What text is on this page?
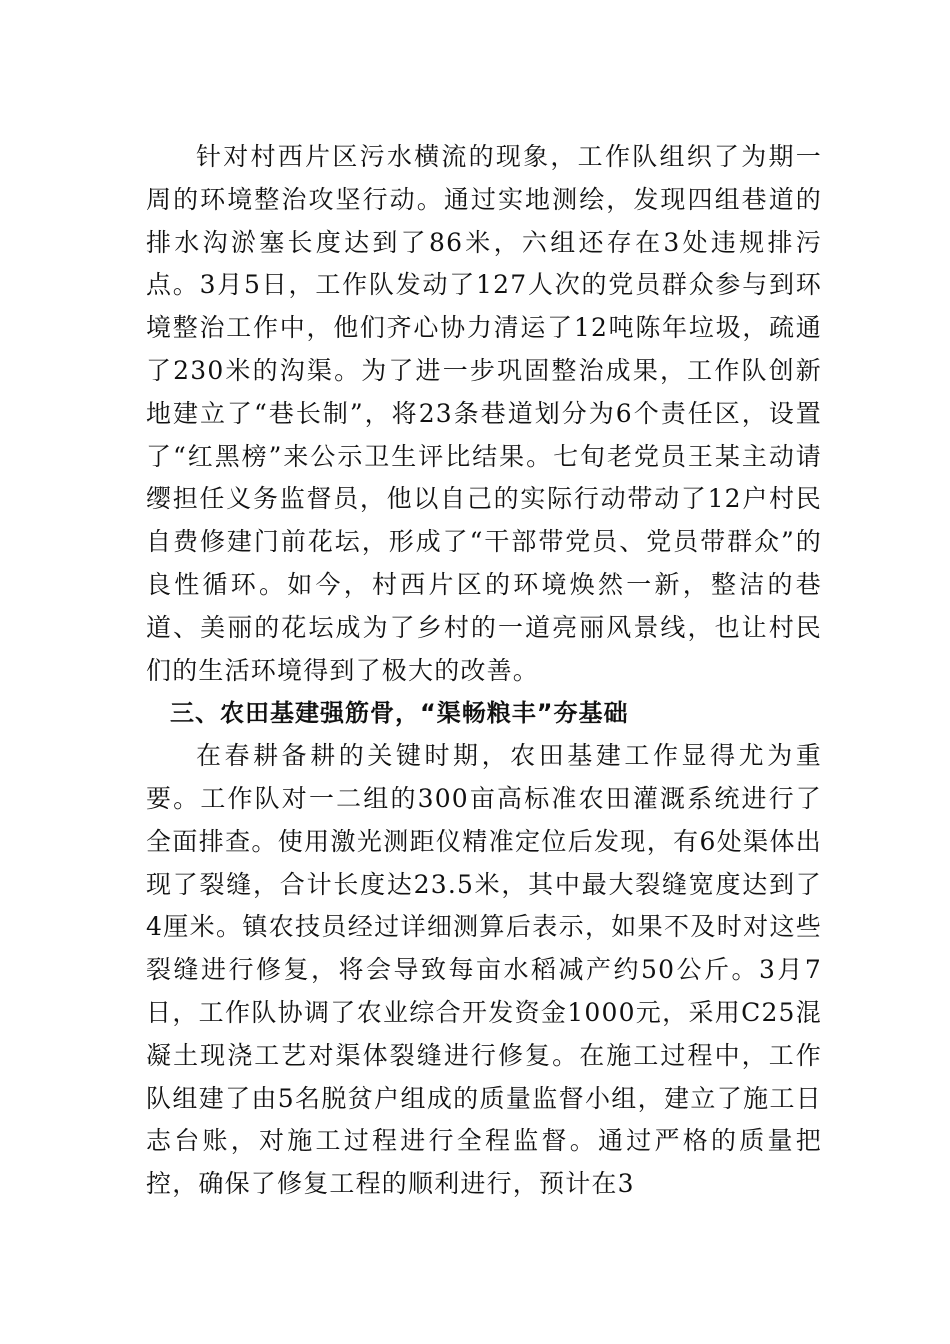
针对村西片区污水横流的现象，工作队组织了为期一周的环境整治攻坚行动。通过实地测绘，发现四组巷道的排水沟淤塞长度达到了86米，六组还存在3处违规排污点。3月5日，工作队发动了127人次的党员群众参与到环境整治工作中，他们齐心协力清运了12吨陈年垃圾，疏通了230米的沟渠。为了进一步巩固整治成果，工作队创新地建立了“巷长制”，将23条巷道划分为6个责任区，设置了“红黑榜”来公示卫生评比结果。七旬老党员王某主动请缨担任义务监督员，他以自己的实际行动带动了12户村民自费修建门前花坛，形成了“干部带党员、党员带群众”的良性循环。如今，村西片区的环境焕然一新，整洁的巷道、美丽的花坛成为了乡村的一道亮丽风景线，也让村民们的生活环境得到了极大的改善。

三、农田基建强筋骨，“渠畅粮丰”夯基础

在春耕备耕的关键时期，农田基建工作显得尤为重要。工作队对一二组的300亩高标准农田灌溉系统进行了全面排查。使用激光测距仪精准定位后发现，有6处渠体出现了裂缝，合计长度达23.5米，其中最大裂缝宽度达到了4厘米。镇农技员经过详细测算后表示，如果不及时对这些裂缝进行修复，将会导致每亩水稻减产约50公斤。3月7日，工作队协调了农业综合开发资金1000元，采用C25混凝土现浇工艺对渠体裂缝进行修复。在施工过程中，工作队组建了由5名脱贫户组成的质量监督小组，建立了施工日志台账，对施工过程进行全程监督。通过严格的质量把控，确保了修复工程的顺利进行，预计在3
